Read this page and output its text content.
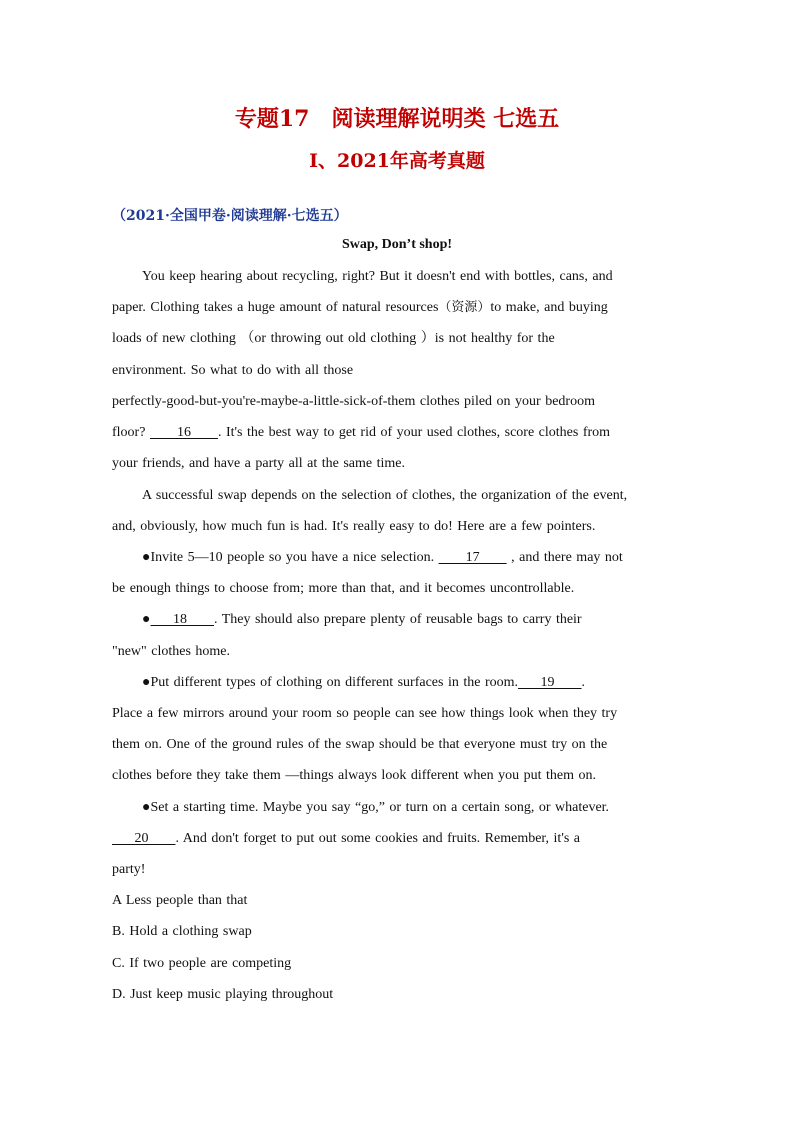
专题17　阅读理解说明类 七选五
I、2021年高考真题
（2021·全国甲卷·阅读理解·七选五）
Swap, Don’t shop!
You keep hearing about recycling, right? But it doesn't end with bottles, cans, and
paper. Clothing takes a huge amount of natural resources（资源）to make, and buying
loads of new clothing （or throwing out old clothing ）is not healthy for the
environment. So what to do with all those
perfectly-good-but-you're-maybe-a-little-sick-of-them clothes piled on your bedroom
floor?       16      . It's the best way to get rid of your used clothes, score clothes from
your friends, and have a party all at the same time.
A successful swap depends on the selection of clothes, the organization of the event,
and, obviously, how much fun is had. It's really easy to do! Here are a few pointers.
●Invite 5—10 people so you have a nice selection.       17       , and there may not
be enough things to choose from; more than that, and it becomes uncontrollable.
●     18      . They should also prepare plenty of reusable bags to carry their
"new" clothes home.
●Put different types of clothing on different surfaces in the room.     19      .
Place a few mirrors around your room so people can see how things look when they try
them on. One of the ground rules of the swap should be that everyone must try on the
clothes before they take them —things always look different when you put them on.
●Set a starting time. Maybe you say “go,” or turn on a certain song, or whatever.
20      . And don't forget to put out some cookies and fruits. Remember, it's a
party!
A Less people than that
B. Hold a clothing swap
C. If two people are competing
D. Just keep music playing throughout
